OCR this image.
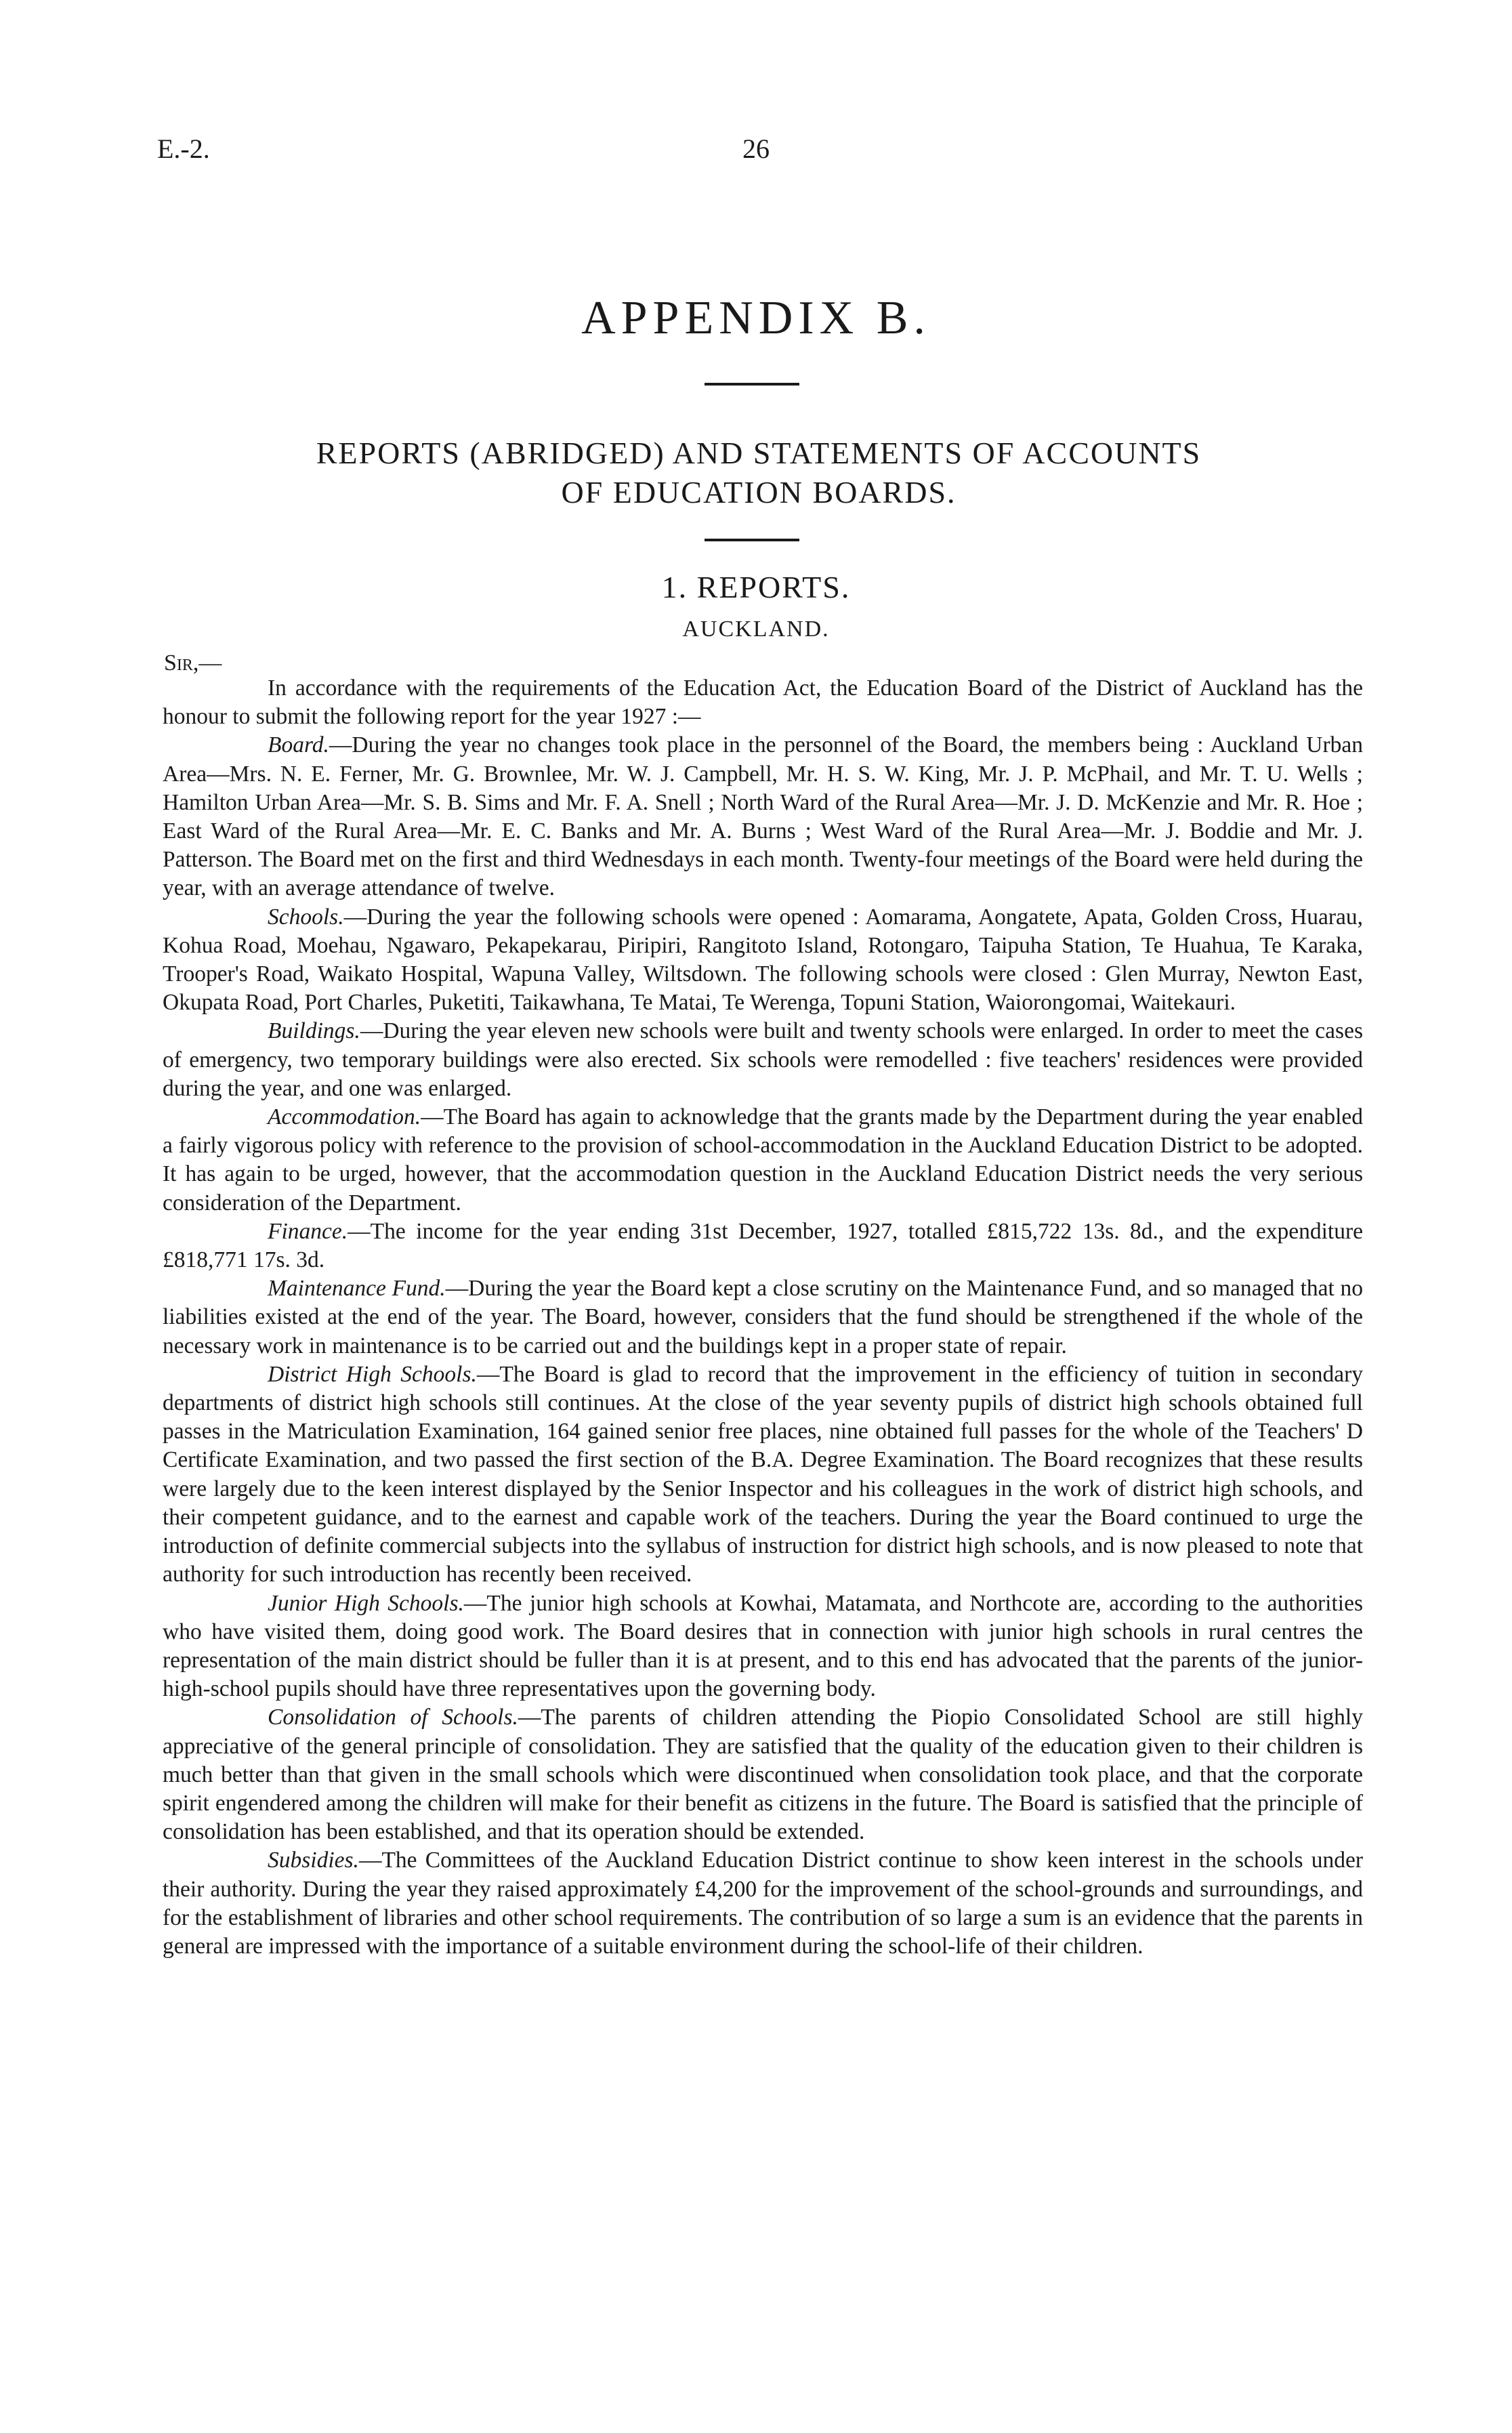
E.-2.	26
APPENDIX B.
REPORTS (ABRIDGED) AND STATEMENTS OF ACCOUNTS
OF EDUCATION BOARDS.
1. REPORTS.
AUCKLAND.
Sir,—

In accordance with the requirements of the Education Act, the Education Board of the District of Auckland has the honour to submit the following report for the year 1927 :—

Board.—During the year no changes took place in the personnel of the Board, the members being : Auckland Urban Area—Mrs. N. E. Ferner, Mr. G. Brownlee, Mr. W. J. Campbell, Mr. H. S. W. King, Mr. J. P. McPhail, and Mr. T. U. Wells ; Hamilton Urban Area—Mr. S. B. Sims and Mr. F. A. Snell ; North Ward of the Rural Area—Mr. J. D. McKenzie and Mr. R. Hoe ; East Ward of the Rural Area—Mr. E. C. Banks and Mr. A. Burns ; West Ward of the Rural Area—Mr. J. Boddie and Mr. J. Patterson. The Board met on the first and third Wednesdays in each month. Twenty-four meetings of the Board were held during the year, with an average attendance of twelve.

Schools.—During the year the following schools were opened : Aomarama, Aongatete, Apata, Golden Cross, Huarau, Kohua Road, Moehau, Ngawaro, Pekapekarau, Piripiri, Rangitoto Island, Rotongaro, Taipuha Station, Te Huahua, Te Karaka, Trooper's Road, Waikato Hospital, Wapuna Valley, Wiltsdown. The following schools were closed : Glen Murray, Newton East, Okupata Road, Port Charles, Puketiti, Taikawhana, Te Matai, Te Werenga, Topuni Station, Waiorongomai, Waitekauri.

Buildings.—During the year eleven new schools were built and twenty schools were enlarged. In order to meet the cases of emergency, two temporary buildings were also erected. Six schools were remodelled : five teachers' residences were provided during the year, and one was enlarged.

Accommodation.—The Board has again to acknowledge that the grants made by the Department during the year enabled a fairly vigorous policy with reference to the provision of school-accommodation in the Auckland Education District to be adopted. It has again to be urged, however, that the accommodation question in the Auckland Education District needs the very serious consideration of the Department.

Finance.—The income for the year ending 31st December, 1927, totalled £815,722 13s. 8d., and the expenditure £818,771 17s. 3d.

Maintenance Fund.—During the year the Board kept a close scrutiny on the Maintenance Fund, and so managed that no liabilities existed at the end of the year. The Board, however, considers that the fund should be strengthened if the whole of the necessary work in maintenance is to be carried out and the buildings kept in a proper state of repair.

District High Schools.—The Board is glad to record that the improvement in the efficiency of tuition in secondary departments of district high schools still continues. At the close of the year seventy pupils of district high schools obtained full passes in the Matriculation Examination, 164 gained senior free places, nine obtained full passes for the whole of the Teachers' D Certificate Examination, and two passed the first section of the B.A. Degree Examination. The Board recognizes that these results were largely due to the keen interest displayed by the Senior Inspector and his colleagues in the work of district high schools, and their competent guidance, and to the earnest and capable work of the teachers. During the year the Board continued to urge the introduction of definite commercial subjects into the syllabus of instruction for district high schools, and is now pleased to note that authority for such introduction has recently been received.

Junior High Schools.—The junior high schools at Kowhai, Matamata, and Northcote are, according to the authorities who have visited them, doing good work. The Board desires that in connection with junior high schools in rural centres the representation of the main district should be fuller than it is at present, and to this end has advocated that the parents of the junior-high-school pupils should have three representatives upon the governing body.

Consolidation of Schools.—The parents of children attending the Piopio Consolidated School are still highly appreciative of the general principle of consolidation. They are satisfied that the quality of the education given to their children is much better than that given in the small schools which were discontinued when consolidation took place, and that the corporate spirit engendered among the children will make for their benefit as citizens in the future. The Board is satisfied that the principle of consolidation has been established, and that its operation should be extended.

Subsidies.—The Committees of the Auckland Education District continue to show keen interest in the schools under their authority. During the year they raised approximately £4,200 for the improvement of the school-grounds and surroundings, and for the establishment of libraries and other school requirements. The contribution of so large a sum is an evidence that the parents in general are impressed with the importance of a suitable environment during the school-life of their children.
